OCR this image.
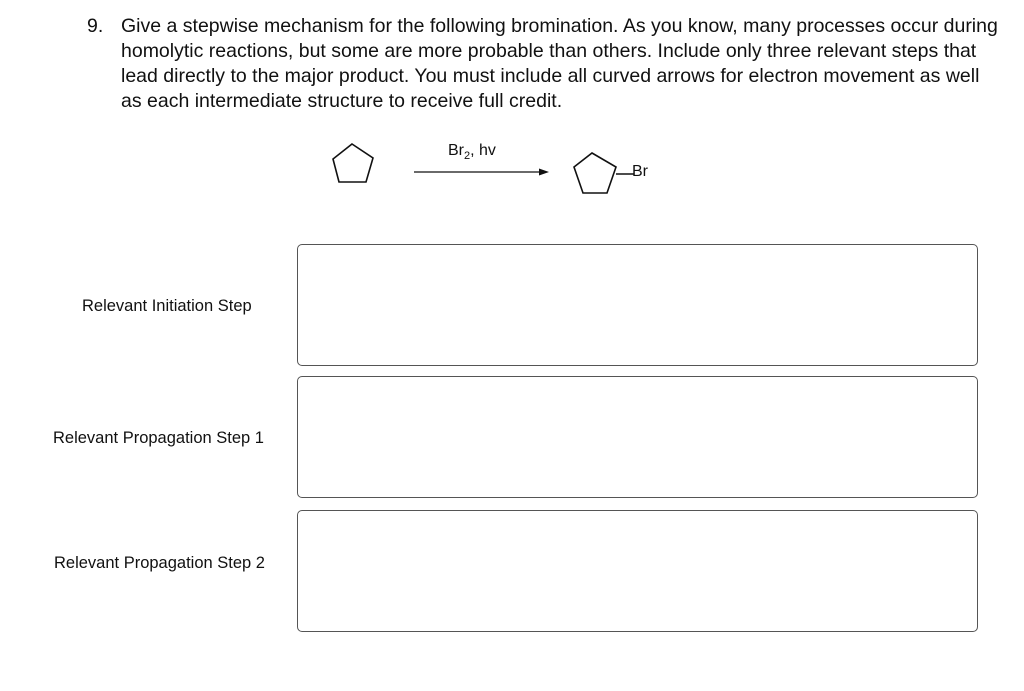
9. Give a stepwise mechanism for the following bromination. As you know, many processes occur during homolytic reactions, but some are more probable than others. Include only three relevant steps that lead directly to the major product. You must include all curved arrows for electron movement as well as each intermediate structure to receive full credit.
$Br_2$, hv
Br
Relevant Initiation Step
Relevant Propagation Step 1
Relevant Propagation Step 2
